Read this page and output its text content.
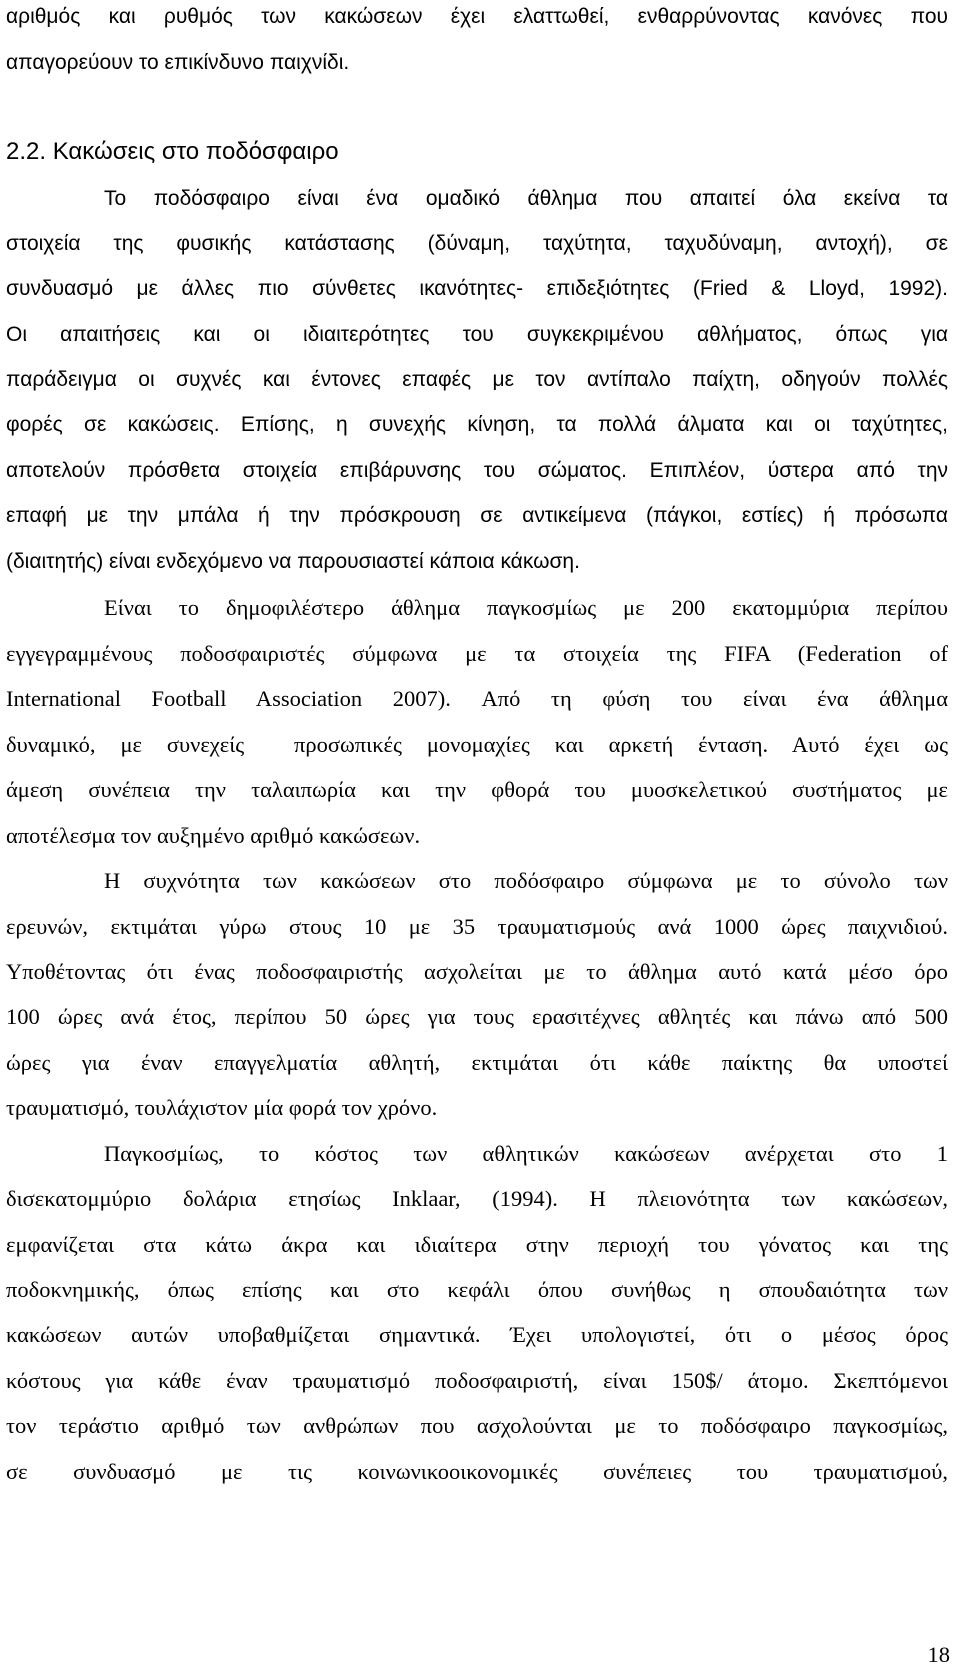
αριθμός και ρυθμός των κακώσεων έχει ελαττωθεί, ενθαρρύνοντας κανόνες που
απαγορεύουν το επικίνδυνο παιχνίδι.
2.2. Κακώσεις στο ποδόσφαιρο
Το ποδόσφαιρο είναι ένα ομαδικό άθλημα που απαιτεί όλα εκείνα τα
στοιχεία της φυσικής κατάστασης (δύναμη, ταχύτητα, ταχυδύναμη, αντοχή), σε
συνδυασμό με άλλες πιο σύνθετες ικανότητες- επιδεξιότητες (Fried & Lloyd, 1992).
Οι απαιτήσεις και οι ιδιαιτερότητες του συγκεκριμένου αθλήματος, όπως για
παράδειγμα οι συχνές και έντονες επαφές με τον αντίπαλο παίχτη, οδηγούν πολλές
φορές σε κακώσεις. Επίσης, η συνεχής κίνηση, τα πολλά άλματα και οι ταχύτητες,
αποτελούν πρόσθετα στοιχεία επιβάρυνσης του σώματος. Επιπλέον, ύστερα από την
επαφή με την μπάλα ή την πρόσκρουση σε αντικείμενα (πάγκοι, εστίες) ή πρόσωπα
(διαιτητής) είναι ενδεχόμενο να παρουσιαστεί κάποια κάκωση.
Είναι το δημοφιλέστερο άθλημα παγκοσμίως με 200 εκατομμύρια περίπου
εγγεγραμμένους ποδοσφαιριστές σύμφωνα με τα στοιχεία της FIFA (Federation of
International Football Association 2007). Από τη φύση του είναι ένα άθλημα
δυναμικό, με συνεχείς  προσωπικές μονομαχίες και αρκετή ένταση. Αυτό έχει ως
άμεση συνέπεια την ταλαιπωρία και την φθορά του μυοσκελετικού συστήματος με
αποτέλεσμα τον αυξημένο αριθμό κακώσεων.
Η συχνότητα των κακώσεων στο ποδόσφαιρο σύμφωνα με το σύνολο των
ερευνών, εκτιμάται γύρω στους 10 με 35 τραυματισμούς ανά 1000 ώρες παιχνιδιού.
Υποθέτοντας ότι ένας ποδοσφαιριστής ασχολείται με το άθλημα αυτό κατά μέσο όρο
100 ώρες ανά έτος, περίπου 50 ώρες για τους ερασιτέχνες αθλητές και πάνω από 500
ώρες για έναν επαγγελματία αθλητή, εκτιμάται ότι κάθε παίκτης θα υποστεί
τραυματισμό, τουλάχιστον μία φορά τον χρόνο.
Παγκοσμίως, το κόστος των αθλητικών κακώσεων ανέρχεται στο 1
δισεκατομμύριο δολάρια ετησίως Inklaar, (1994). Η πλειονότητα των κακώσεων,
εμφανίζεται στα κάτω άκρα και ιδιαίτερα στην περιοχή του γόνατος και της
ποδοκνημικής, όπως επίσης και στο κεφάλι όπου συνήθως η σπουδαιότητα των
κακώσεων αυτών υποβαθμίζεται σημαντικά. Έχει υπολογιστεί, ότι ο μέσος όρος
κόστους για κάθε έναν τραυματισμό ποδοσφαιριστή, είναι 150$/ άτομο. Σκεπτόμενοι
τον τεράστιο αριθμό των ανθρώπων που ασχολούνται με το ποδόσφαιρο παγκοσμίως,
σε συνδυασμό με τις κοινωνικοοικονομικές συνέπειες του τραυματισμού,
18
